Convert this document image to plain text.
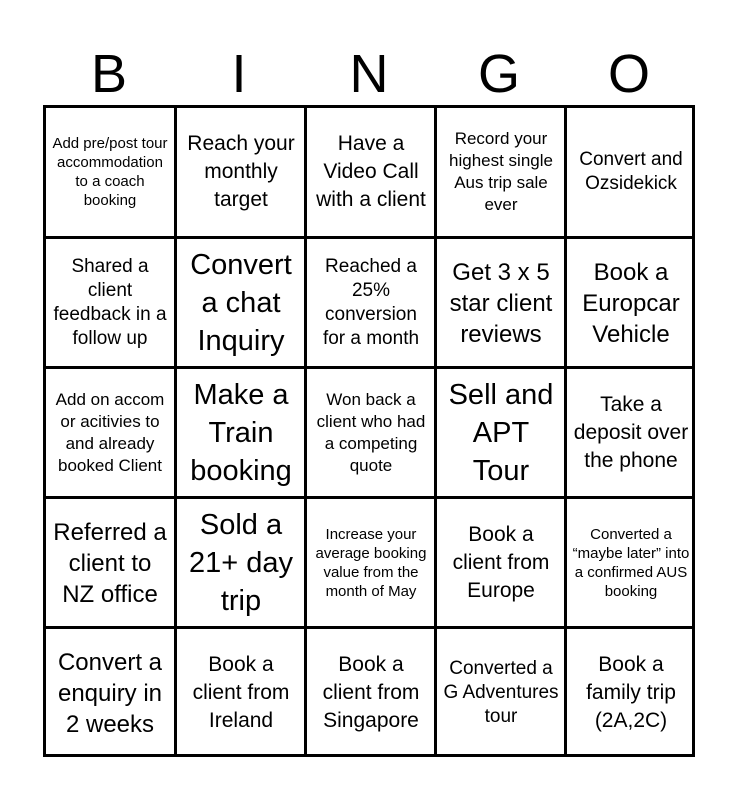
B	I	N	G	O
Add pre/post tour accommodation to a coach booking
Reach your monthly target
Have a Video Call with a client
Record your highest single Aus trip sale ever
Convert and Ozsidekick
Shared a client feedback in a follow up
Convert a chat Inquiry
Reached a 25% conversion for a month
Get 3 x 5 star client reviews
Book a Europcar Vehicle
Add on accom or acitivies to and already booked Client
Make a Train booking
Won back a client who had a competing quote
Sell and APT Tour
Take a deposit over the phone
Referred a client to NZ office
Sold a 21+ day trip
Increase your average booking value from the month of May
Book a client from Europe
Converted a “maybe later” into a confirmed AUS booking
Convert a enquiry in 2 weeks
Book a client from Ireland
Book a client from Singapore
Converted a G Adventures tour
Book a family trip (2A,2C)
